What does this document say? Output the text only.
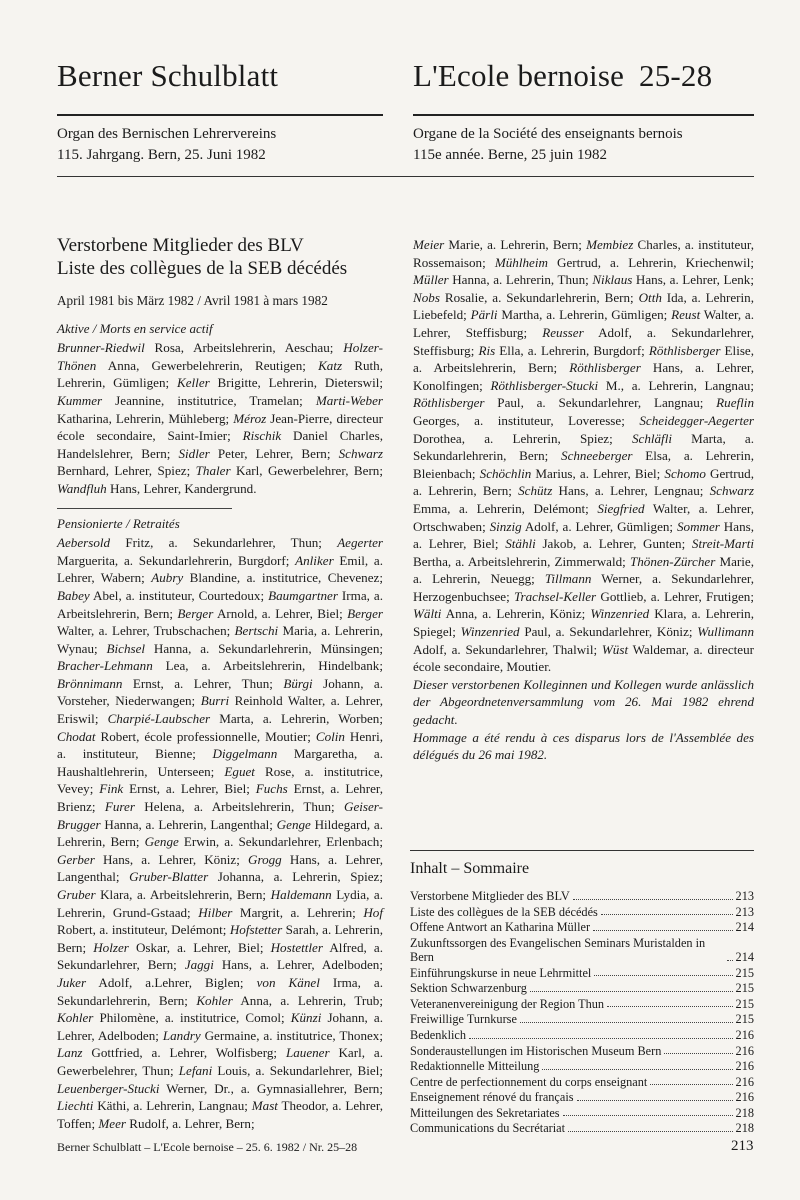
Berner Schulblatt	L'Ecole bernoise 25-28
Organ des Bernischen Lehrervereins
115. Jahrgang. Bern, 25. Juni 1982
Organe de la Société des enseignants bernois
115e année. Berne, 25 juin 1982
Verstorbene Mitglieder des BLV
Liste des collègues de la SEB décédés
April 1981 bis März 1982 / Avril 1981 à mars 1982
Aktive / Morts en service actif

Brunner-Riedwil Rosa, Arbeitslehrerin, Aeschau; Holzer-Thönen Anna, Gewerbelehrerin, Reutigen; Katz Ruth, Lehrerin, Gümligen; Keller Brigitte, Lehrerin, Dieterswil; Kummer Jeannine, institutrice, Tramelan; Marti-Weber Katharina, Lehrerin, Mühleberg; Méroz Jean-Pierre, directeur école secondaire, Saint-Imier; Rischik Daniel Charles, Handelslehrer, Bern; Sidler Peter, Lehrer, Bern; Schwarz Bernhard, Lehrer, Spiez; Thaler Karl, Gewerbelehrer, Bern; Wandfluh Hans, Lehrer, Kandergrund.

Pensionierte / Retraités

Aebersold Fritz, a. Sekundarlehrer, Thun; Aegerter Marguerita, a. Sekundarlehrerin, Burgdorf; Anliker Emil, a. Lehrer, Wabern; Aubry Blandine, a. institutrice, Chevenez; Babey Abel, a. instituteur, Courtedoux; Baumgartner Irma, a. Arbeitslehrerin, Bern; Berger Arnold, a. Lehrer, Biel; Berger Walter, a. Lehrer, Trubschachen; Bertschi Maria, a. Lehrerin, Wynau; Bichsel Hanna, a. Sekundarlehrerin, Münsingen; Bracher-Lehmann Lea, a. Arbeitslehrerin, Hindelbank; Brönnimann Ernst, a. Lehrer, Thun; Bürgi Johann, a. Vorsteher, Niederwangen; Burri Reinhold Walter, a. Lehrer, Eriswil; Charpié-Laubscher Marta, a. Lehrerin, Worben; Chodat Robert, école professionnelle, Moutier; Colin Henri, a. instituteur, Bienne; Diggelmann Margaretha, a. Haushaltlehrerin, Unterseen; Eguet Rose, a. institutrice, Vevey; Fink Ernst, a. Lehrer, Biel; Fuchs Ernst, a. Lehrer, Brienz; Furer Helena, a. Arbeitslehrerin, Thun; Geiser-Brugger Hanna, a. Lehrerin, Langenthal; Genge Hildegard, a. Lehrerin, Bern; Genge Erwin, a. Sekundarlehrer, Erlenbach; Gerber Hans, a. Lehrer, Köniz; Grogg Hans, a. Lehrer, Langenthal; Gruber-Blatter Johanna, a. Lehrerin, Spiez; Gruber Klara, a. Arbeitslehrerin, Bern; Haldemann Lydia, a. Lehrerin, Grund-Gstaad; Hilber Margrit, a. Lehrerin; Hof Robert, a. instituteur, Delémont; Hofstetter Sarah, a. Lehrerin, Bern; Holzer Oskar, a. Lehrer, Biel; Hostettler Alfred, a. Sekundarlehrer, Bern; Jaggi Hans, a. Lehrer, Adelboden; Juker Adolf, a.Lehrer, Biglen; von Känel Irma, a. Sekundarlehrerin, Bern; Kohler Anna, a. Lehrerin, Trub; Kohler Philomène, a. institutrice, Comol; Künzi Johann, a. Lehrer, Adelboden; Landry Germaine, a. institutrice, Thonex; Lanz Gottfried, a. Lehrer, Wolfisberg; Lauener Karl, a. Gewerbelehrer, Thun; Lefani Louis, a. Sekundarlehrer, Biel; Leuenberger-Stucki Werner, Dr., a. Gymnasiallehrer, Bern; Liechti Käthi, a. Lehrerin, Langnau; Mast Theodor, a. Lehrer, Toffen; Meer Rudolf, a. Lehrer, Bern;

Meier Marie, a. Lehrerin, Bern; Membiez Charles, a. instituteur, Rossemaison; Mühlheim Gertrud, a. Lehrerin, Kriechenwil; Müller Hanna, a. Lehrerin, Thun; Niklaus Hans, a. Lehrer, Lenk; Nobs Rosalie, a. Sekundarlehrerin, Bern; Otth Ida, a. Lehrerin, Liebefeld; Pärli Martha, a. Lehrerin, Gümligen; Reust Walter, a. Lehrer, Steffisburg; Reusser Adolf, a. Sekundarlehrer, Steffisburg; Ris Ella, a. Lehrerin, Burgdorf; Röthlisberger Elise, a. Arbeitslehrerin, Bern; Röthlisberger Hans, a. Lehrer, Konolfingen; Röthlisberger-Stucki M., a. Lehrerin, Langnau; Röthlisberger Paul, a. Sekundarlehrer, Langnau; Rueflin Georges, a. instituteur, Loveresse; Scheidegger-Aegerter Dorothea, a. Lehrerin, Spiez; Schläfli Marta, a. Sekundarlehrerin, Bern; Schneeberger Elsa, a. Lehrerin, Bleienbach; Schöchlin Marius, a. Lehrer, Biel; Schomo Gertrud, a. Lehrerin, Bern; Schütz Hans, a. Lehrer, Lengnau; Schwarz Emma, a. Lehrerin, Delémont; Siegfried Walter, a. Lehrer, Ortschwaben; Sinzig Adolf, a. Lehrer, Gümligen; Sommer Hans, a. Lehrer, Biel; Stähli Jakob, a. Lehrer, Gunten; Streit-Marti Bertha, a. Arbeitslehrerin, Zimmerwald; Thönen-Zürcher Marie, a. Lehrerin, Neuegg; Tillmann Werner, a. Sekundarlehrer, Herzogenbuchsee; Trachsel-Keller Gottlieb, a. Lehrer, Frutigen; Wälti Anna, a. Lehrerin, Köniz; Winzenried Klara, a. Lehrerin, Spiegel; Winzenried Paul, a. Sekundarlehrer, Köniz; Wullimann Adolf, a. Sekundarlehrer, Thalwil; Wüst Waldemar, a. directeur école secondaire, Moutier.

Dieser verstorbenen Kolleginnen und Kollegen wurde anlässlich der Abgeordnetenversammlung vom 26. Mai 1982 ehrend gedacht.

Hommage a été rendu à ces disparus lors de l'Assemblée des délégués du 26 mai 1982.

Inhalt – Sommaire
Verstorbene Mitglieder des BLV	213
Liste des collègues de la SEB décédés	213
Offene Antwort an Katharina Müller	214
Zukunftssorgen des Evangelischen Seminars Muristalden in Bern	214
Einführungskurse in neue Lehrmittel	215
Sektion Schwarzenburg	215
Veteranenvereinigung der Region Thun	215
Freiwillige Turnkurse	215
Bedenklich	216
Sonderaustellungen im Historischen Museum Bern	216
Redaktionnelle Mitteilung	216
Centre de perfectionnement du corps enseignant	216
Enseignement rénové du français	216
Mitteilungen des Sekretariates	218
Communications du Secrétariat	218
Berner Schulblatt – L'Ecole bernoise – 25. 6. 1982 / Nr. 25–28	213
